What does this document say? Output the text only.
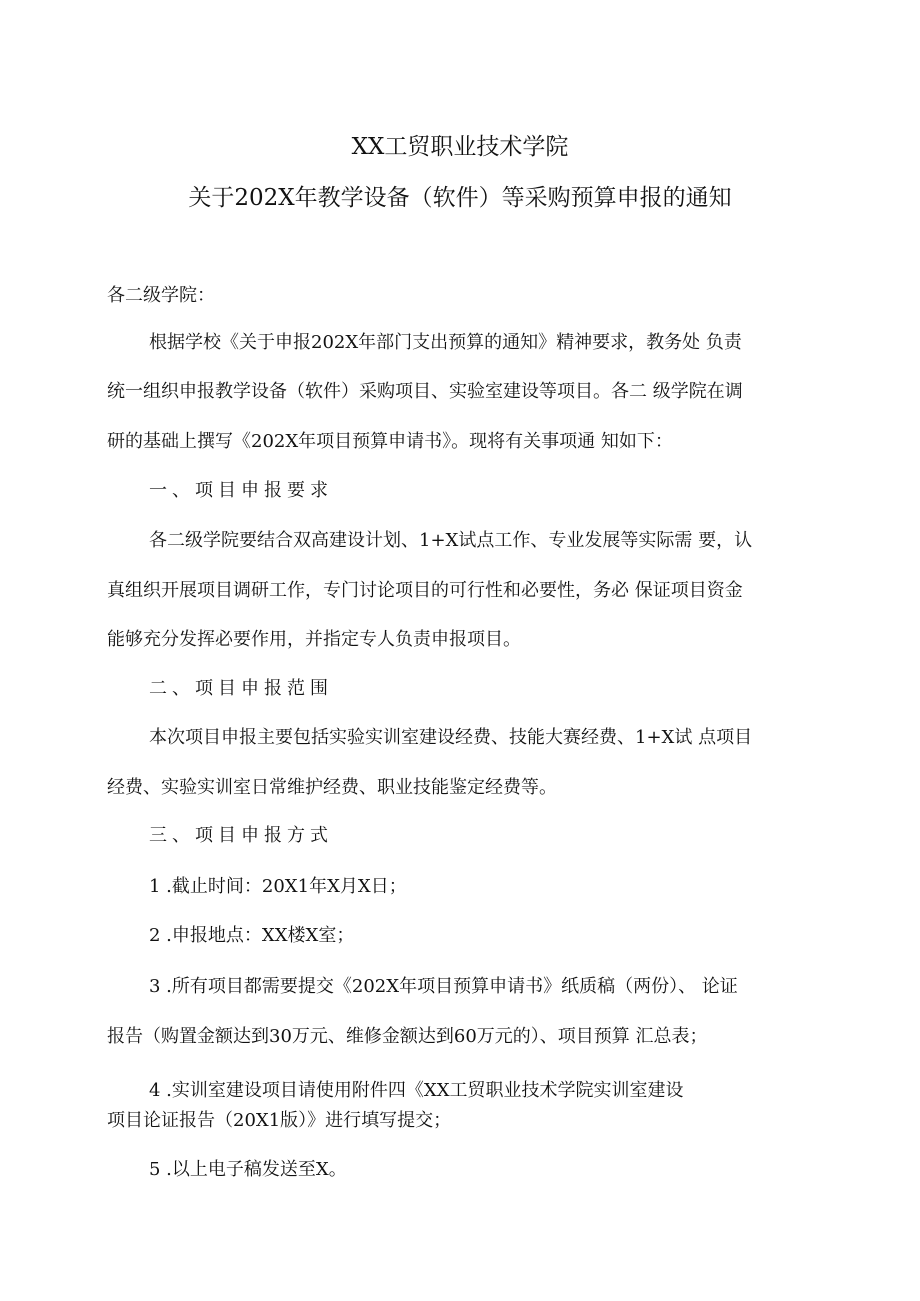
XX工贸职业技术学院
关于202X年教学设备（软件）等采购预算申报的通知
各二级学院：
根据学校《关于申报202X年部门支出预算的通知》精神要求，教务处 负责
统一组织申报教学设备（软件）采购项目、实验室建设等项目。各二 级学院在调
研的基础上撰写《202X年项目预算申请书》。现将有关事项通 知如下：
一、项目申报要求
各二级学院要结合双高建设计划、1+X试点工作、专业发展等实际需 要，认
真组织开展项目调研工作，专门讨论项目的可行性和必要性，务必 保证项目资金
能够充分发挥必要作用，并指定专人负责申报项目。
二、项目申报范围
本次项目申报主要包括实验实训室建设经费、技能大赛经费、1+X试 点项目
经费、实验实训室日常维护经费、职业技能鉴定经费等。
三、项目申报方式
1 .截止时间：20X1年X月X日；
2 .申报地点：XX楼X室；
3 .所有项目都需要提交《202X年项目预算申请书》纸质稿（两份）、 论证
报告（购置金额达到30万元、维修金额达到60万元的）、项目预算 汇总表；
4 .实训室建设项目请使用附件四《XX工贸职业技术学院实训室建设
项目论证报告（20X1版）》进行填写提交；
5 .以上电子稿发送至X。
